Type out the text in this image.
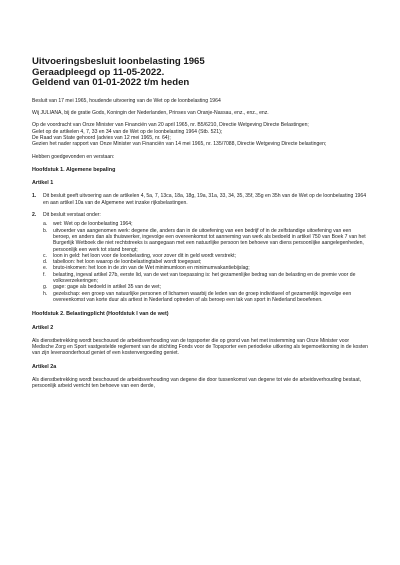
Uitvoeringsbesluit loonbelasting 1965

Geraadpleegd op 11-05-2022.

Geldend van 01-01-2022 t/m heden

Besluit van 17 mei 1965, houdende uitvoering van de Wet op de loonbelasting 1964

Wij JULIANA, bij de gratie Gods, Koningin der Nederlanden, Prinses van Oranje-Nassau, enz., enz., enz.

Op de voordracht van Onze Minister van Financiën van 20 april 1965, nr. B5/6210, Directie Wetgeving Directe Belastingen;

Gelet op de artikelen 4, 7, 33 en 34 van de Wet op de loonbelasting 1964 (Stb. 521);

De Raad van State gehoord (advies van 12 mei 1965, nr. 64);

Gezien het nader rapport van Onze Minister van Financiën van 14 mei 1965, nr. 135/7088, Directie Wetgeving Directe belastingen;

Hebben goedgevonden en verstaan:

Hoofdstuk 1. Algemene bepaling

Artikel 1

1.	Dit besluit geeft uitvoering aan de artikelen 4, 5a, 7, 13ca, 18a, 18g, 19a, 31a, 33, 34, 35, 35f, 35g en 35h van de Wet op de loonbelasting 1964 en aan artikel 10a van de Algemene wet inzake rijksbelastingen.
2.	Dit besluit verstaat onder:
a.	wet: Wet op de loonbelasting 1964;
b.	uitvoerder van aangenomen werk: degene die, anders dan in de uitoefening van een bedrijf of in de zelfstandige uitoefening van een beroep, en anders dan als thuiswerker, ingevolge een overeenkomst tot aanneming van werk als bedoeld in artikel 750 van Boek 7 van het Burgerlijk Wetboek die niet rechtstreeks is aangegaan met een natuurlijke persoon ten behoeve van diens persoonlijke aangelegenheden, persoonlijk een werk tot stand brengt;
c.	loon in geld: het loon voor de loonbelasting, voor zover dit in geld wordt verstrekt;
d.	tabelloon: het loon waarop de loonbelastingtabel wordt toegepast;
e.	bruto-inkomen: het loon in de zin van de Wet minimumloon en minimumvakantiebijslag;
f.	belasting, ingeval artikel 27b, eerste lid, van de wet van toepassing is: het gezamenlijke bedrag van de belasting en de premie voor de volksverzekeringen;
g.	gage: gage als bedoeld in artikel 35 van de wet;
h.	gezelschap: een groep van natuurlijke personen of lichamen waarbij de leden van de groep individueel of gezamenlijk ingevolge een overeenkomst van korte duur als artiest in Nederland optreden of als beroep een tak van sport in Nederland beoefenen.

Hoofdstuk 2. Belastingplicht (Hoofdstuk I van de wet)

Artikel 2

Als dienstbetrekking wordt beschouwd de arbeidsverhouding van de topsporter die op grond van het met instemming van Onze Minister voor Medische Zorg en Sport vastgestelde reglement van de stichting Fonds voor de Topsporter een periodieke uitkering als tegemoetkoming in de kosten van zijn levensonderhoud geniet of een kostenvergoeding geniet.

Artikel 2a

Als dienstbetrekking wordt beschouwd de arbeidsverhouding van degene die door tussenkomst van degene tot wie de arbeidsverhouding bestaat, persoonlijk arbeid verricht ten behoeve van een derde,
